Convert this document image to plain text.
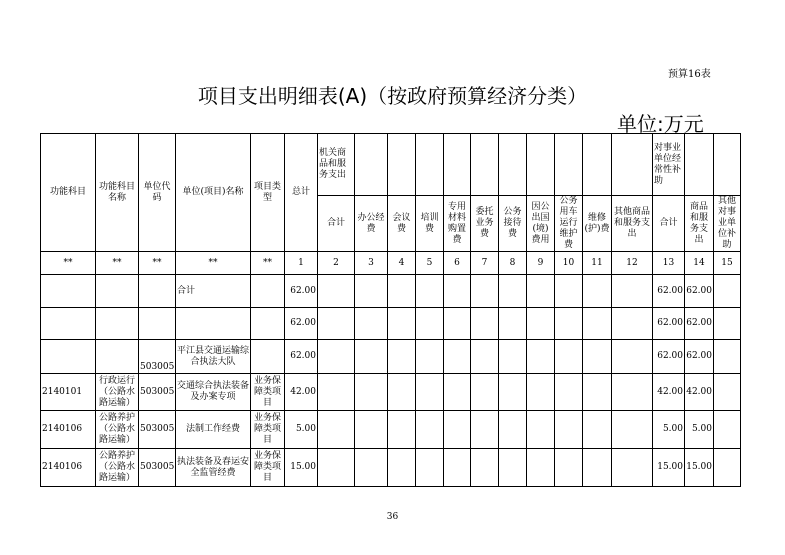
预算16表
项目支出明细表(A)（按政府预算经济分类）
单位:万元
功能科目	功能科目名称	单位代码	单位(项目)名称	项目类型	总计	机关商品和服务支出											对事业单位经常性补助		
						合计	办公经费	会议费	培训费	专用材料购置费	委托业务费	公务接待费	因公出国(境)费用	公务用车运行维护费	维修(护)费	其他商品和服务支出	合计	商品和服务支出	其他对事业单位补助
**	**	**	**	**	1	2	3	4	5	6	7	8	9	10	11	12	13	14	15
			合计		62.00												62.00	62.00	
					62.00												62.00	62.00	
		503005	平江县交通运输综合执法大队		62.00												62.00	62.00	
2140101	行政运行（公路水路运输）	503005	交通综合执法装备及办案专项	业务保障类项目	42.00												42.00	42.00	
2140106	公路养护（公路水路运输）	503005	法制工作经费	业务保障类项目	5.00												5.00	5.00	
2140106	公路养护（公路水路运输）	503005	执法装备及春运安全监管经费	业务保障类项目	15.00												15.00	15.00	
36
